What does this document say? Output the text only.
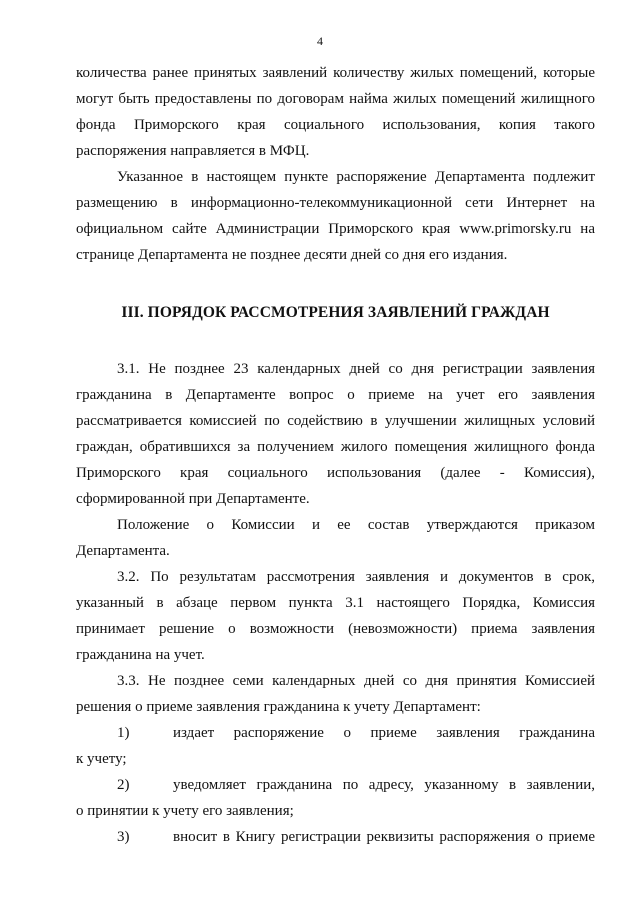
4

количества ранее принятых заявлений количеству жилых помещений, которые могут быть предоставлены по договорам найма жилых помещений жилищного фонда Приморского края социального использования, копия такого распоряжения направляется в МФЦ.

Указанное в настоящем пункте распоряжение Департамента подлежит размещению в информационно-телекоммуникационной сети Интернет на официальном сайте Администрации Приморского края www.primorsky.ru на странице Департамента не позднее десяти дней со дня его издания.

III. ПОРЯДОК РАССМОТРЕНИЯ ЗАЯВЛЕНИЙ ГРАЖДАН

3.1. Не позднее 23 календарных дней со дня регистрации заявления гражданина в Департаменте вопрос о приеме на учет его заявления рассматривается комиссией по содействию в улучшении жилищных условий граждан, обратившихся за получением жилого помещения жилищного фонда Приморского края социального использования (далее - Комиссия), сформированной при Департаменте.

Положение о Комиссии и ее состав утверждаются приказом Департамента.

3.2. По результатам рассмотрения заявления и документов в срок, указанный в абзаце первом пункта 3.1 настоящего Порядка, Комиссия принимает решение о возможности (невозможности) приема заявления гражданина на учет.

3.3. Не позднее семи календарных дней со дня принятия Комиссией решения о приеме заявления гражданина к учету Департамент:

1)	издает распоряжение о приеме заявления гражданина
к учету;
2)	уведомляет гражданина по адресу, указанному в заявлении,
о принятии к учету его заявления;
3)	вносит в Книгу регистрации реквизиты распоряжения о приеме
